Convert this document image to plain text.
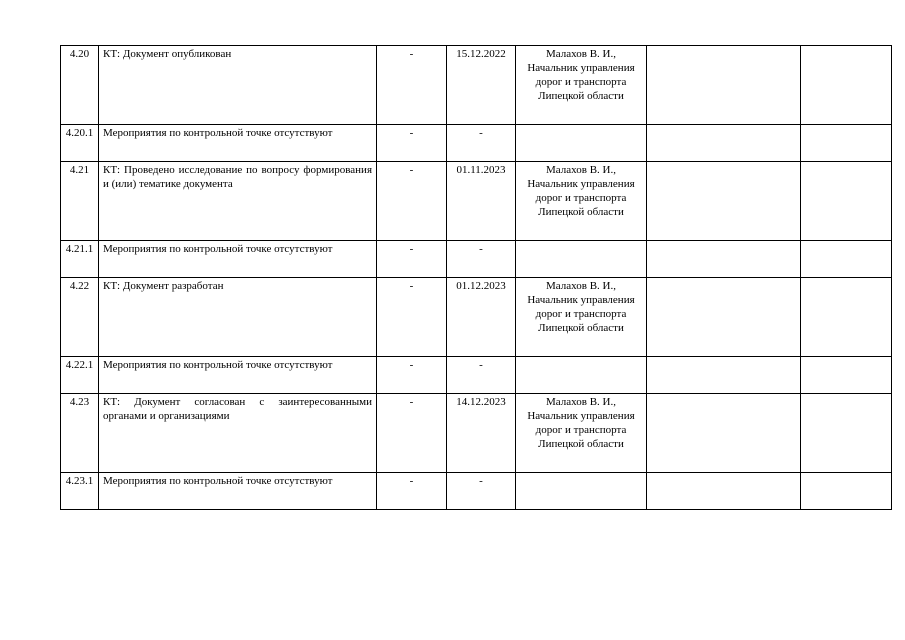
4.20	КТ: Документ опубликован	-	15.12.2022	Малахов В. И., Начальник управления дорог и транспорта Липецкой области		
4.20.1	Мероприятия по контрольной точке отсутствуют	-	-			
4.21	КТ: Проведено исследование по вопросу формирования и (или) тематике документа	-	01.11.2023	Малахов В. И., Начальник управления дорог и транспорта Липецкой области		
4.21.1	Мероприятия по контрольной точке отсутствуют	-	-			
4.22	КТ: Документ разработан	-	01.12.2023	Малахов В. И., Начальник управления дорог и транспорта Липецкой области		
4.22.1	Мероприятия по контрольной точке отсутствуют	-	-			
4.23	КТ: Документ согласован с заинтересованными органами и организациями	-	14.12.2023	Малахов В. И., Начальник управления дорог и транспорта Липецкой области		
4.23.1	Мероприятия по контрольной точке отсутствуют	-	-			
